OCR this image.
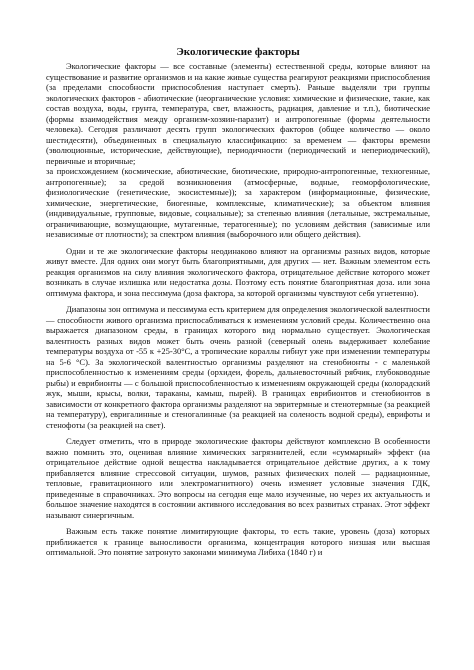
Экологические факторы

Экологические факторы — все составные (элементы) естественной среды, которые влияют на существование и развитие организмов и на какие живые существа реагируют реакциями приспособления (за пределами способности приспособления наступает смерть). Раньше выделяли три группы экологических факторов - абиотические (неорганические условия: химические и физические, такие, как состав воздуха, воды, грунта, температура, свет, влажность, радиация, давление и т.п.), биотические (формы взаимодействия между организм-хозяин-паразит) и антропогенные (формы деятельности человека). Сегодня различают десять групп экологических факторов (общее количество — около шестидесяти), объединенных в специальную классификацию: за временем — факторы времени (эволюционные, исторические, действующие), периодичности (периодический и непериодический), первичные и вторичные;

за происхождением (космические, абиотические, биотические, природно-антропогенные, техногенные, антропогенные); за средой возникновения (атмосферные, водные, геоморфологические, физиологические (генетические, экосистемные)); за характером (информационные, физические, химические, энергетические, биогенные, комплексные, климатические); за объектом влияния (индивидуальные, групповые, видовые, социальные); за степенью влияния (летальные, экстремальные, ограничивающие, возмущающие, мутагенные, тератогенные); по условиям действия (зависимые или независимые от плотности); за спектром влияния (выборочного или общего действия).

Одни и те же экологические факторы неодинаково влияют на организмы разных видов, которые живут вместе. Для одних они могут быть благоприятными, для других — нет. Важным элементом есть реакция организмов на силу влияния экологического фактора, отрицательное действие которого может возникать в случае излишка или недостатка дозы. Поэтому есть понятие благоприятная доза. или зона оптимума фактора, и зона пессимума (доза фактора, за которой организмы чувствуют себя угнетенно).

Диапазоны зон оптимума и пессимума есть критерием для определения экологической валентности — способности живого организма приспосабливаться к изменениям условий среды. Количественно она выражается диапазоном среды, в границах которого вид нормально существует. Экологическая валентность разных видов может быть очень разной (северный олень выдерживает колебание температуры воздуха от -55 к +25-30°С, а тропические кораллы гибнут уже при изменении температуры на 5-6 °С). За экологической валентностью организмы разделяют на стенобионты - с маленькой приспособленностью к изменениям среды (орхидеи, форель, дальневосточный рябчик, глубоководные рыбы) и еврибионты — с большой приспособленностью к изменениям окружающей среды (колорадский жук, мыши, крысы, волки, тараканы, камыш, пырей). В границах еврибионтов и стенобионтов в зависимости от конкретного фактора организмы разделяют на эвритермные и стенотермные (за реакцией на температуру), евригалинные и стеногалинные (за реакцией на соленость водной среды), еврифоты и стенофоты (за реакцией на свет).

Следует отметить, что в природе экологические факторы действуют комплексно В особенности важно помнить это, оценивая влияние химических загрязнителей, если «суммарный» эффект (на отрицательное действие одной вещества накладывается отрицательное действие других, а к тому прибавляется влияние стрессовой ситуации, шумов, разных физических полей — радиационные, тепловые, гравитационного или электромагнитного) очень изменяет условные значения ГДК, приведенные в справочниках. Это вопросы на сегодня еще мало изученные, но через их актуальность и большое значение находятся в состоянии активного исследования во всех развитых странах. Этот эффект называют синергичным.

Важным есть также понятие лимитирующие факторы, то есть такие, уровень (доза) которых приближается к границе выносливости организма, концентрация которого низшая или высшая оптимальной. Это понятие затронуто законами минимума Либиха (1840 г) и
